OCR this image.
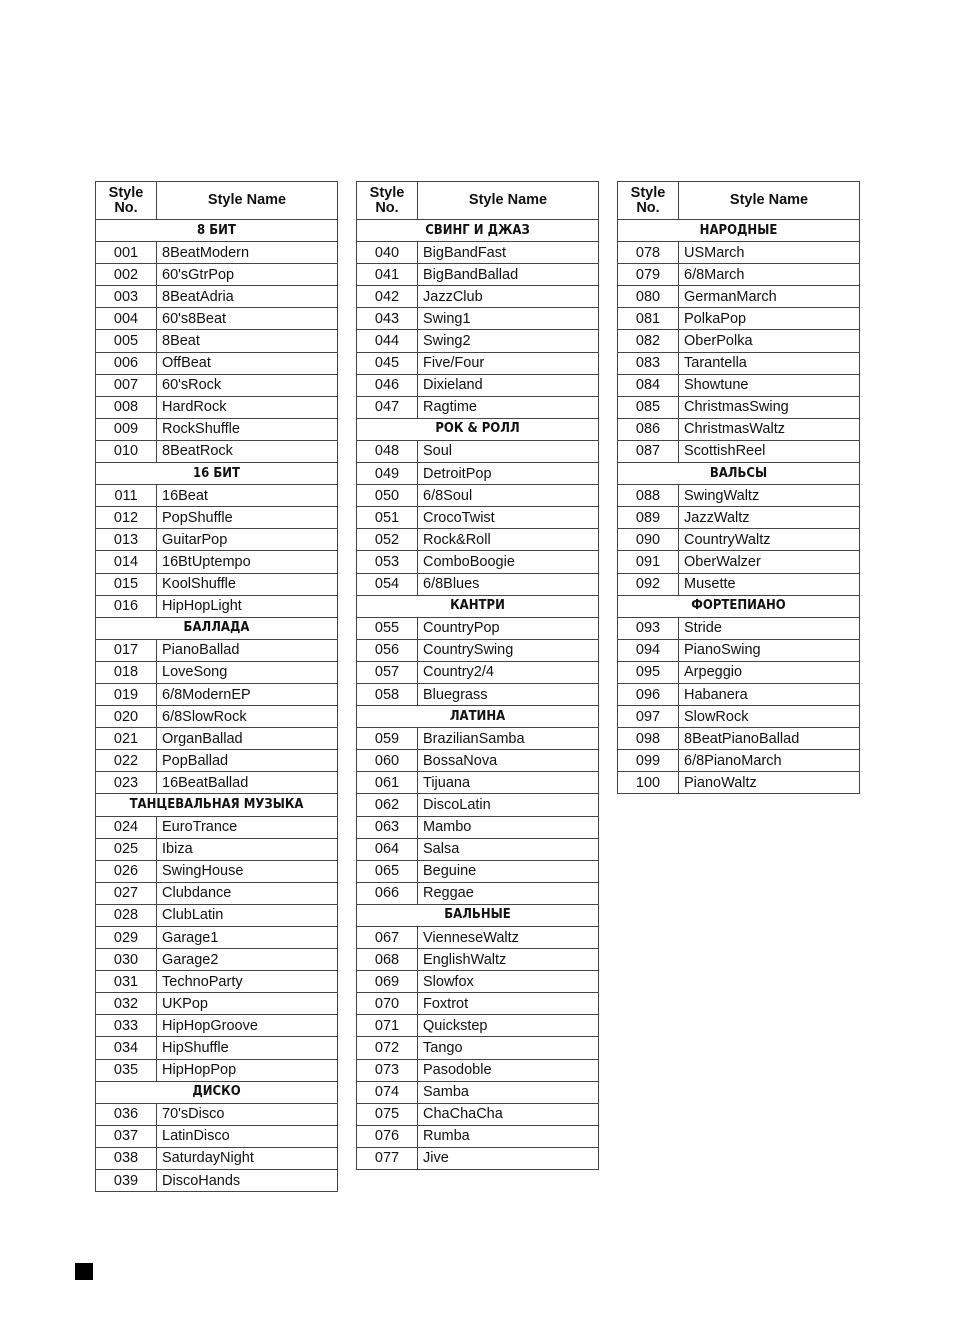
Style
No.	Style Name
8 БИТ	
001	8BeatModern
002	60'sGtrPop
003	8BeatAdria
004	60's8Beat
005	8Beat
006	OffBeat
007	60'sRock
008	HardRock
009	RockShuffle
010	8BeatRock
16 БИТ	
011	16Beat
012	PopShuffle
013	GuitarPop
014	16BtUptempo
015	KoolShuffle
016	HipHopLight
БАЛЛАДА	
017	PianoBallad
018	LoveSong
019	6/8ModernEP
020	6/8SlowRock
021	OrganBallad
022	PopBallad
023	16BeatBallad
ТАНЦЕВАЛЬНАЯ МУЗЫКА	
024	EuroTrance
025	Ibiza
026	SwingHouse
027	Clubdance
028	ClubLatin
029	Garage1
030	Garage2
031	TechnoParty
032	UKPop
033	HipHopGroove
034	HipShuffle
035	HipHopPop
ДИСКО	
036	70'sDisco
037	LatinDisco
038	SaturdayNight
039	DiscoHands
Style
No.	Style Name
СВИНГ И ДЖАЗ	
040	BigBandFast
041	BigBandBallad
042	JazzClub
043	Swing1
044	Swing2
045	Five/Four
046	Dixieland
047	Ragtime
РОК & РОЛЛ	
048	Soul
049	DetroitPop
050	6/8Soul
051	CrocoTwist
052	Rock&Roll
053	ComboBoogie
054	6/8Blues
КАНТРИ	
055	CountryPop
056	CountrySwing
057	Country2/4
058	Bluegrass
ЛАТИНА	
059	BrazilianSamba
060	BossaNova
061	Tijuana
062	DiscoLatin
063	Mambo
064	Salsa
065	Beguine
066	Reggae
БАЛЬНЫЕ	
067	VienneseWaltz
068	EnglishWaltz
069	Slowfox
070	Foxtrot
071	Quickstep
072	Tango
073	Pasodoble
074	Samba
075	ChaChaCha
076	Rumba
077	Jive
Style
No.	Style Name
НАРОДНЫЕ	
078	USMarch
079	6/8March
080	GermanMarch
081	PolkaPop
082	OberPolka
083	Tarantella
084	Showtune
085	ChristmasSwing
086	ChristmasWaltz
087	ScottishReel
ВАЛЬСЫ	
088	SwingWaltz
089	JazzWaltz
090	CountryWaltz
091	OberWalzer
092	Musette
ФОРТЕПИАНО	
093	Stride
094	PianoSwing
095	Arpeggio
096	Habanera
097	SlowRock
098	8BeatPianoBallad
099	6/8PianoMarch
100	PianoWaltz
